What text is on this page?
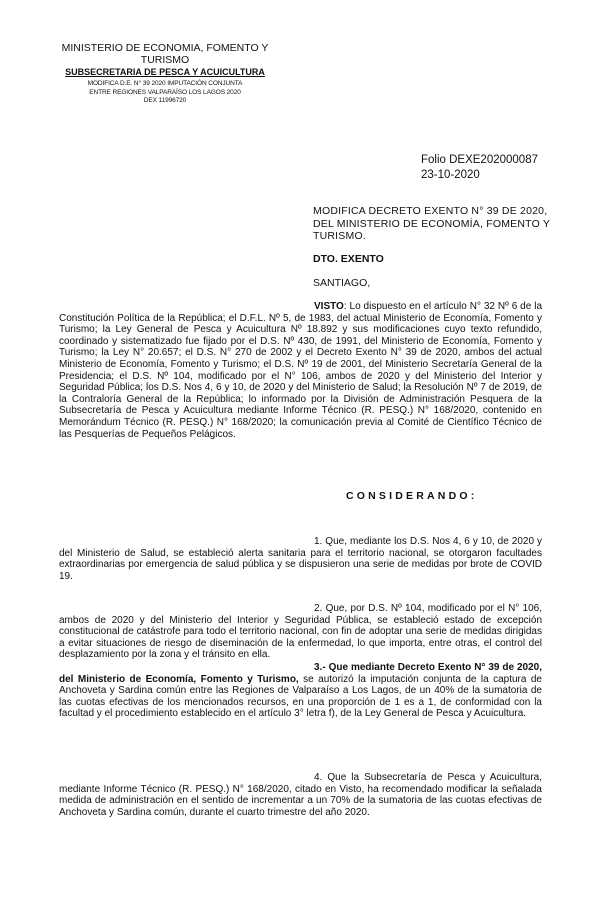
MINISTERIO DE ECONOMIA, FOMENTO Y TURISMO
SUBSECRETARIA DE PESCA Y ACUICULTURA
MODIFICA D.E. N° 39 2020 IMPUTACIÓN CONJUNTA
ENTRE REGIONES VALPARAÍSO LOS LAGOS 2020
DEX 11996720
Folio DEXE202000087
23-10-2020
MODIFICA DECRETO EXENTO N° 39 DE 2020, DEL MINISTERIO DE ECONOMÍA, FOMENTO Y TURISMO.
DTO. EXENTO
SANTIAGO,
VISTO: Lo dispuesto en el artículo N° 32 Nº 6 de la Constitución Política de la República; el D.F.L. Nº 5, de 1983, del actual Ministerio de Economía, Fomento y Turismo; la Ley General de Pesca y Acuicultura Nº 18.892 y sus modificaciones cuyo texto refundido, coordinado y sistematizado fue fijado por el D.S. Nº 430, de 1991, del Ministerio de Economía, Fomento y Turismo; la Ley N° 20.657; el D.S. N° 270 de 2002 y el Decreto Exento N° 39 de 2020, ambos del actual Ministerio de Economía, Fomento y Turismo; el D.S. Nº 19 de 2001, del Ministerio Secretaría General de la Presidencia; el D.S. Nº 104, modificado por el N° 106, ambos de 2020 y del Ministerio del Interior y Seguridad Pública; los D.S. Nos 4, 6 y 10, de 2020 y del Ministerio de Salud; la Resolución Nº 7 de 2019, de la Contraloría General de la República; lo informado por la División de Administración Pesquera de la Subsecretaría de Pesca y Acuicultura mediante Informe Técnico (R. PESQ.) N° 168/2020, contenido en Memorándum Técnico (R. PESQ.) N° 168/2020; la comunicación previa al Comité de Científico Técnico de las Pesquerías de Pequeños Pelágicos.
CONSIDERANDO:
1. Que, mediante los D.S. Nos 4, 6 y 10, de 2020 y del Ministerio de Salud, se estableció alerta sanitaria para el territorio nacional, se otorgaron facultades extraordinarias por emergencia de salud pública y se dispusieron una serie de medidas por brote de COVID 19.
2. Que, por D.S. Nº 104, modificado por el N° 106, ambos de 2020 y del Ministerio del Interior y Seguridad Pública, se estableció estado de excepción constitucional de catástrofe para todo el territorio nacional, con fin de adoptar una serie de medidas dirigidas a evitar situaciones de riesgo de diseminación de la enfermedad, lo que importa, entre otras, el control del desplazamiento por la zona y el tránsito en ella.
3.- Que mediante Decreto Exento N° 39 de 2020, del Ministerio de Economía, Fomento y Turismo, se autorizó la imputación conjunta de la captura de Anchoveta y Sardina común entre las Regiones de Valparaíso a Los Lagos, de un 40% de la sumatoria de las cuotas efectivas de los mencionados recursos, en una proporción de 1 es a 1, de conformidad con la facultad y el procedimiento establecido en el artículo 3° letra f), de la Ley General de Pesca y Acuicultura.
4. Que la Subsecretaría de Pesca y Acuicultura, mediante Informe Técnico (R. PESQ.) N° 168/2020, citado en Visto, ha recomendado modificar la señalada medida de administración en el sentido de incrementar a un 70% de la sumatoria de las cuotas efectivas de Anchoveta y Sardina común, durante el cuarto trimestre del año 2020.
